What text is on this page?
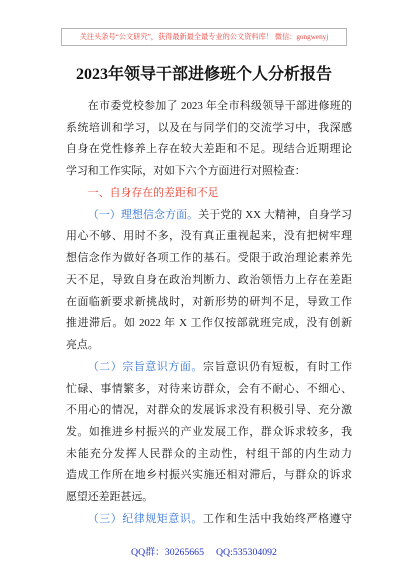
关注头条号“公文研究”，获得最新最全最专业的公文资料库！ 微信：gongwenyj
2023年领导干部进修班个人分析报告
在市委党校参加了 2023 年全市科级领导干部进修班的
系统培训和学习，以及在与同学们的交流学习中，我深感
自身在党性修养上存在较大差距和不足。现结合近期理论
学习和工作实际，对如下六个方面进行对照检查：
一、自身存在的差距和不足
（一）理想信念方面。关于党的 XX 大精神，自身学习
用心不够、用时不多，没有真正重视起来，没有把树牢理
想信念作为做好各项工作的基石。受限于政治理论素养先
天不足，导致自身在政治判断力、政治领悟力上存在差距
在面临新要求新挑战时，对新形势的研判不足，导致工作
推进滞后。如 2022 年 X 工作仅按部就班完成，没有创新
亮点。
（二）宗旨意识方面。宗旨意识仍有短板，有时工作
忙碌、事情繁多，对待来访群众，会有不耐心、不细心、
不用心的情况，对群众的发展诉求没有积极引导、充分激
发。如推进乡村振兴的产业发展工作，群众诉求较多，我
未能充分发挥人民群众的主动性，村组干部的内生动力
造成工作所在地乡村振兴实施还相对滞后，与群众的诉求
愿望还差距甚远。
（三）纪律规矩意识。工作和生活中我始终严格遵守
QQ群：30265665 QQ:535304092
